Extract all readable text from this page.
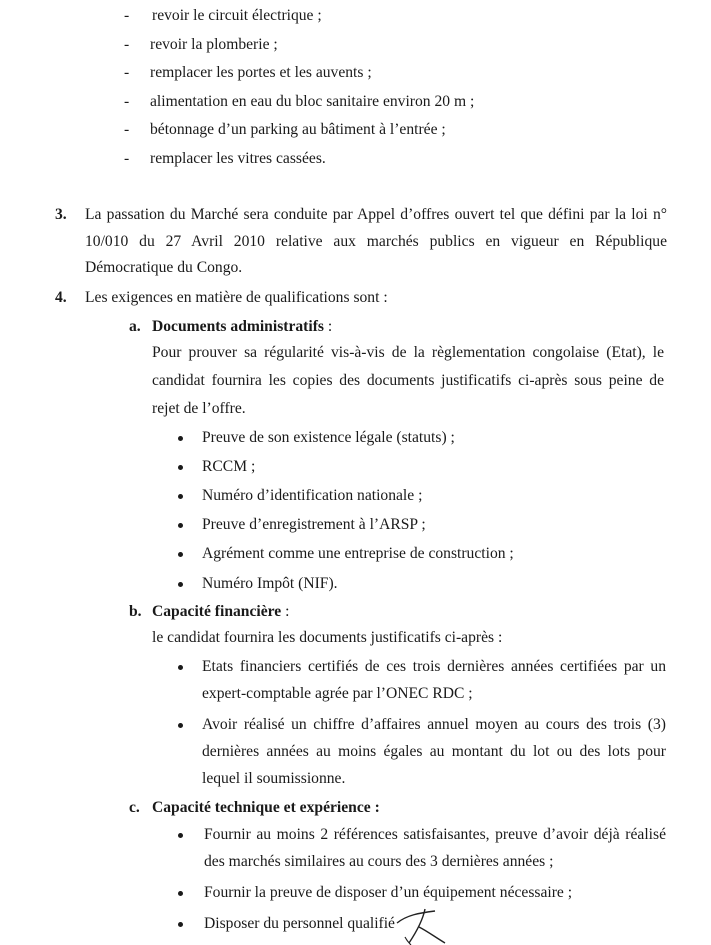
- revoir le circuit électrique ;
- revoir la plomberie ;
- remplacer les portes et les auvents ;
- alimentation en eau du bloc sanitaire environ 20 m ;
- bétonnage d’un parking au bâtiment à l’entrée ;
- remplacer les vitres cassées.
3. La passation du Marché sera conduite par Appel d’offres ouvert tel que défini par la loi n°
10/010 du 27 Avril 2010 relative aux marchés publics en vigueur en République
Démocratique du Congo.
4. Les exigences en matière de qualifications sont :
a. Documents administratifs :
Pour prouver sa régularité vis-à-vis de la règlementation congolaise (Etat), le
candidat fournira les copies des documents justificatifs ci-après sous peine de
rejet de l’offre.
Preuve de son existence légale (statuts) ;
RCCM ;
Numéro d’identification nationale ;
Preuve d’enregistrement à l’ARSP ;
Agrément comme une entreprise de construction ;
Numéro Impôt (NIF).
b. Capacité financière :
le candidat fournira les documents justificatifs ci-après :
Etats financiers certifiés de ces trois dernières années certifiées par un
expert-comptable agrée par l’ONEC RDC ;
Avoir réalisé un chiffre d’affaires annuel moyen au cours des trois (3)
dernières années au moins égales au montant du lot ou des lots pour
lequel il soumissionne.
c. Capacité technique et expérience :
Fournir au moins 2 références satisfaisantes, preuve d’avoir déjà réalisé
des marchés similaires au cours des 3 dernières années ;
Fournir la preuve de disposer d’un équipement nécessaire ;
Disposer du personnel qualifié
